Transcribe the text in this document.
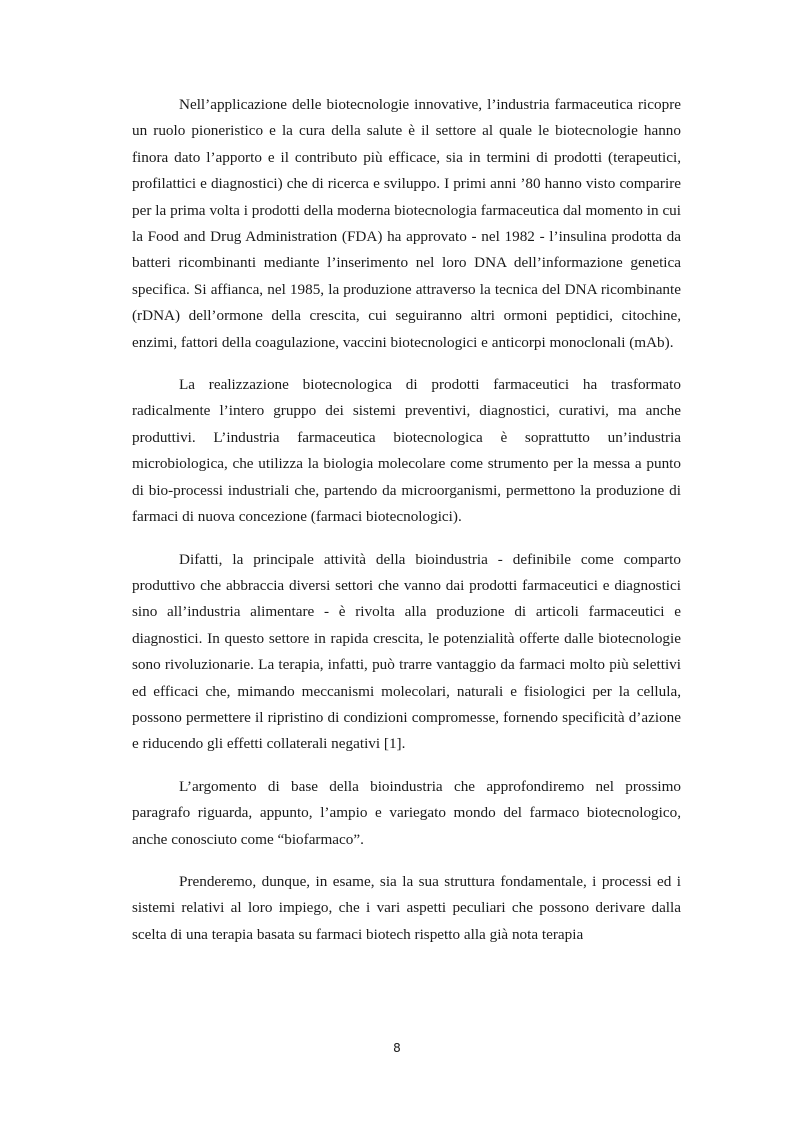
Nell’applicazione delle biotecnologie innovative, l’industria farmaceutica ricopre un ruolo pioneristico e la cura della salute è il settore al quale le biotecnologie hanno finora dato l’apporto e il contributo più efficace, sia in termini di prodotti (terapeutici, profilattici e diagnostici) che di ricerca e sviluppo. I primi anni ’80 hanno visto comparire per la prima volta i prodotti della moderna biotecnologia farmaceutica dal momento in cui la Food and Drug Administration (FDA) ha approvato - nel 1982 - l’insulina prodotta da batteri ricombinanti mediante l’inserimento nel loro DNA dell’informazione genetica specifica. Si affianca, nel 1985, la produzione attraverso la tecnica del DNA ricombinante (rDNA) dell’ormone della crescita, cui seguiranno altri ormoni peptidici, citochine, enzimi, fattori della coagulazione, vaccini biotecnologici e anticorpi monoclonali (mAb).

La realizzazione biotecnologica di prodotti farmaceutici ha trasformato radicalmente l’intero gruppo dei sistemi preventivi, diagnostici, curativi, ma anche produttivi. L’industria farmaceutica biotecnologica è soprattutto un’industria microbiologica, che utilizza la biologia molecolare come strumento per la messa a punto di bio-processi industriali che, partendo da microorganismi, permettono la produzione di farmaci di nuova concezione (farmaci biotecnologici).

Difatti, la principale attività della bioindustria - definibile come comparto produttivo che abbraccia diversi settori che vanno dai prodotti farmaceutici e diagnostici sino all’industria alimentare - è rivolta alla produzione di articoli farmaceutici e diagnostici. In questo settore in rapida crescita, le potenzialità offerte dalle biotecnologie sono rivoluzionarie. La terapia, infatti, può trarre vantaggio da farmaci molto più selettivi ed efficaci che, mimando meccanismi molecolari, naturali e fisiologici per la cellula, possono permettere il ripristino di condizioni compromesse, fornendo specificità d’azione e riducendo gli effetti collaterali negativi [1].

L’argomento di base della bioindustria che approfondiremo nel prossimo paragrafo riguarda, appunto, l’ampio e variegato mondo del farmaco biotecnologico, anche conosciuto come “biofarmaco”.

Prenderemo, dunque, in esame, sia la sua struttura fondamentale, i processi ed i sistemi relativi al loro impiego, che i vari aspetti peculiari che possono derivare dalla scelta di una terapia basata su farmaci biotech rispetto alla già nota terapia

8
